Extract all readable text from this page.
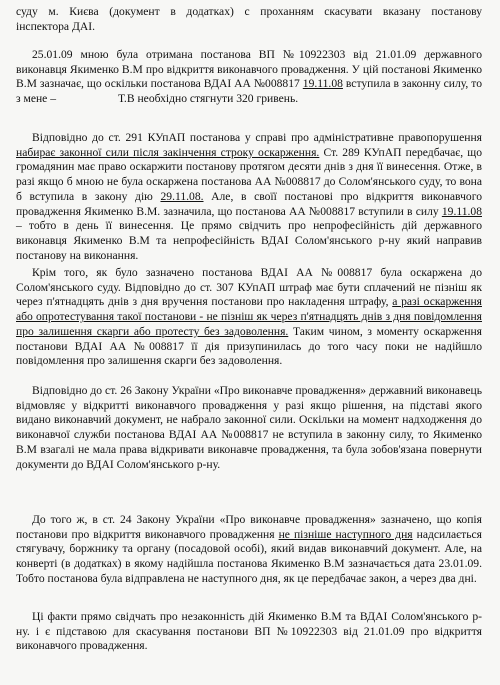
суду м. Києва (документ в додатках) с проханням скасувати вказану постанову
інспектора ДАІ.

25.01.09 мною була отримана постанова ВП №10922303 від 21.01.09 державного виконавця Якименко В.М про відкриття виконавчого провадження. У цій постанові Якименко В.М зазначає, що оскільки постанова ВДАІ АА №008817 19.11.08 вступила в законну силу, то з мене –	Т.В необхідно стягнути 320 гривень.

Відповідно до ст. 291 КУпАП постанова у справі про адміністративне правопорушення набирає законної сили після закінчення строку оскарження. Ст. 289 КУпАП передбачає, що громадянин має право оскаржити постанову протягом десяти днів з дня її винесення. Отже, в разі якщо б мною не була оскаржена постанова АА №008817 до Солом'янського суду, то вона б вступила в закону дію 29.11.08. Але, в своїї постанові про відкриття виконавчого провадження Якименко В.М. зазначила, що постанова АА №008817 вступили в силу 19.11.08 – тобто в день її винесення. Це прямо свідчить про непрофесійність дій державного виконавця Якименко В.М та непрофесійність ВДАІ Солом'янського р-ну який направив постанову на виконання.

Крім того, як було зазначено постанова ВДАІ АА №008817 була оскаржена до Солом'янського суду. Відповідно до ст. 307 КУпАП штраф має бути сплачений не пізніш як через п'ятнадцять днів з дня вручення постанови про накладення штрафу, а разі оскарження або опротестування такої постанови - не пізніш як через п'ятнадцять днів з дня повідомлення про залишення скарги або протесту без задоволення. Таким чином, з моменту оскарження постанови ВДАІ АА №008817 її дія призупинилась до того часу поки не надійшло повідомлення про залишення скарги без задоволення.

Відповідно до ст. 26 Закону України «Про виконавче провадження» державний виконавець відмовляє у відкритті виконавчого провадження у разі якщо рішення, на підставі якого видано виконавчий документ, не набрало законної сили. Оскільки на момент надходження до виконавчої служби постанова ВДАІ АА №008817 не вступила в законну силу, то Якименко В.М взагалі не мала права відкривати виконавче провадження, та була зобов'язана повернути документи до ВДАІ Солом'янського р-ну.

До того ж, в ст. 24 Закону України «Про виконавче провадження» зазначено, що копія постанови про відкриття виконавчого провадження не пізніше наступного дня надсилається стягувачу, боржнику та органу (посадовой особі), який видав виконавчий документ. Але, на конверті (в додатках) в якому надійшла постанова Якименко В.М зазначається дата 23.01.09. Тобто постанова була відправлена не наступного дня, як це передбачає закон, а через два дні.

Ці факти прямо свідчать про незаконність дій Якименко В.М та ВДАІ Солом'янського р-ну. і є підставою для скасування постанови ВП №10922303 від 21.01.09 про відкриття виконавчого провадження.
